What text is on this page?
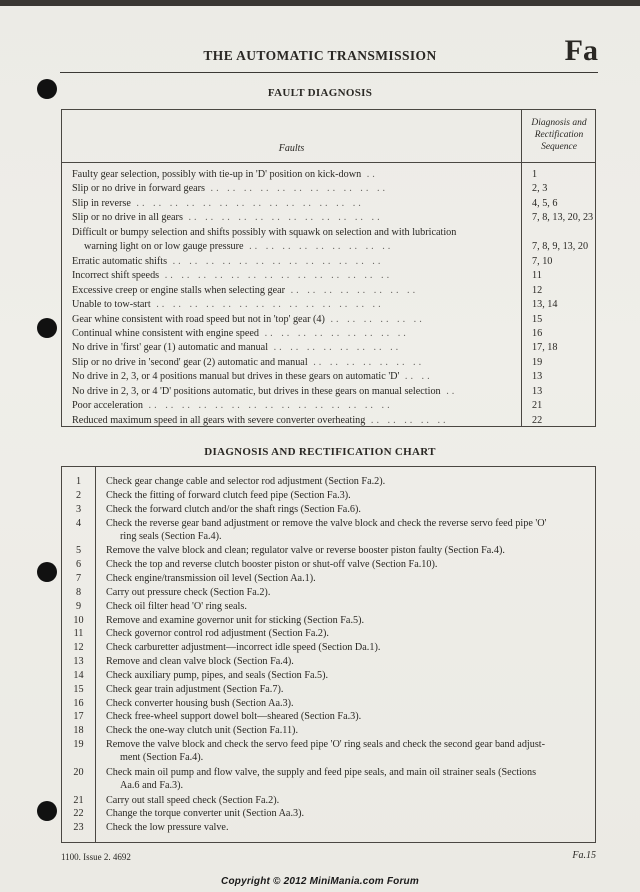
THE AUTOMATIC TRANSMISSION	Fa
FAULT DIAGNOSIS
Faults
Diagnosis and
Rectification
Sequence
Faulty gear selection, possibly with tie-up in 'D' position on kick-down ..	1
Slip or no drive in forward gears .. .. .. .. .. .. .. .. .. .. ..	2, 3
Slip in reverse .. .. .. .. .. .. .. .. .. .. .. .. .. ..	4, 5, 6
Slip or no drive in all gears .. .. .. .. .. .. .. .. .. .. .. ..	7, 8, 13, 20, 23
Difficult or bumpy selection and shifts possibly with squawk on selection and with lubrication
warning light on or low gauge pressure .. .. .. .. .. .. .. .. ..	7, 8, 9, 13, 20
Erratic automatic shifts .. .. .. .. .. .. .. .. .. .. .. .. ..	7, 10
Incorrect shift speeds .. .. .. .. .. .. .. .. .. .. .. .. .. ..	11
Excessive creep or engine stalls when selecting gear .. .. .. .. .. .. .. ..	12
Unable to tow-start .. .. .. .. .. .. .. .. .. .. .. .. .. ..	13, 14
Gear whine consistent with road speed but not in 'top' gear (4) .. .. .. .. .. ..	15
Continual whine consistent with engine speed .. .. .. .. .. .. .. .. ..	16
No drive in 'first' gear (1) automatic and manual .. .. .. .. .. .. .. ..	17, 18
Slip or no drive in 'second' gear (2) automatic and manual .. .. .. .. .. .. ..	19
No drive in 2, 3, or 4 positions manual but drives in these gears on automatic 'D' .. ..	13
No drive in 2, 3, or 4 'D' positions automatic, but drives in these gears on manual selection ..	13
Poor acceleration .. .. .. .. .. .. .. .. .. .. .. .. .. .. ..	21
Reduced maximum speed in all gears with severe converter overheating .. .. .. .. ..	22
DIAGNOSIS AND RECTIFICATION CHART
1	Check gear change cable and selector rod adjustment (Section Fa.2).
2	Check the fitting of forward clutch feed pipe (Section Fa.3).
3	Check the forward clutch and/or the shaft rings (Section Fa.6).
4	Check the reverse gear band adjustment or remove the valve block and check the reverse servo feed pipe 'O'
ring seals (Section Fa.4).
5	Remove the valve block and clean; regulator valve or reverse booster piston faulty (Section Fa.4).
6	Check the top and reverse clutch booster piston or shut-off valve (Section Fa.10).
7	Check engine/transmission oil level (Section Aa.1).
8	Carry out pressure check (Section Fa.2).
9	Check oil filter head 'O' ring seals.
10	Remove and examine governor unit for sticking (Section Fa.5).
11	Check governor control rod adjustment (Section Fa.2).
12	Check carburetter adjustment—incorrect idle speed (Section Da.1).
13	Remove and clean valve block (Section Fa.4).
14	Check auxiliary pump, pipes, and seals (Section Fa.5).
15	Check gear train adjustment (Section Fa.7).
16	Check converter housing bush (Section Aa.3).
17	Check free-wheel support dowel bolt—sheared (Section Fa.3).
18	Check the one-way clutch unit (Section Fa.11).
19	Remove the valve block and check the servo feed pipe 'O' ring seals and check the second gear band adjust-
ment (Section Fa.4).
20	Check main oil pump and flow valve, the supply and feed pipe seals, and main oil strainer seals (Sections
Aa.6 and Fa.3).
21	Carry out stall speed check (Section Fa.2).
22	Change the torque converter unit (Section Aa.3).
23	Check the low pressure valve.
1100. Issue 2. 4692	Fa.15
Copyright © 2012 MiniMania.com Forum
